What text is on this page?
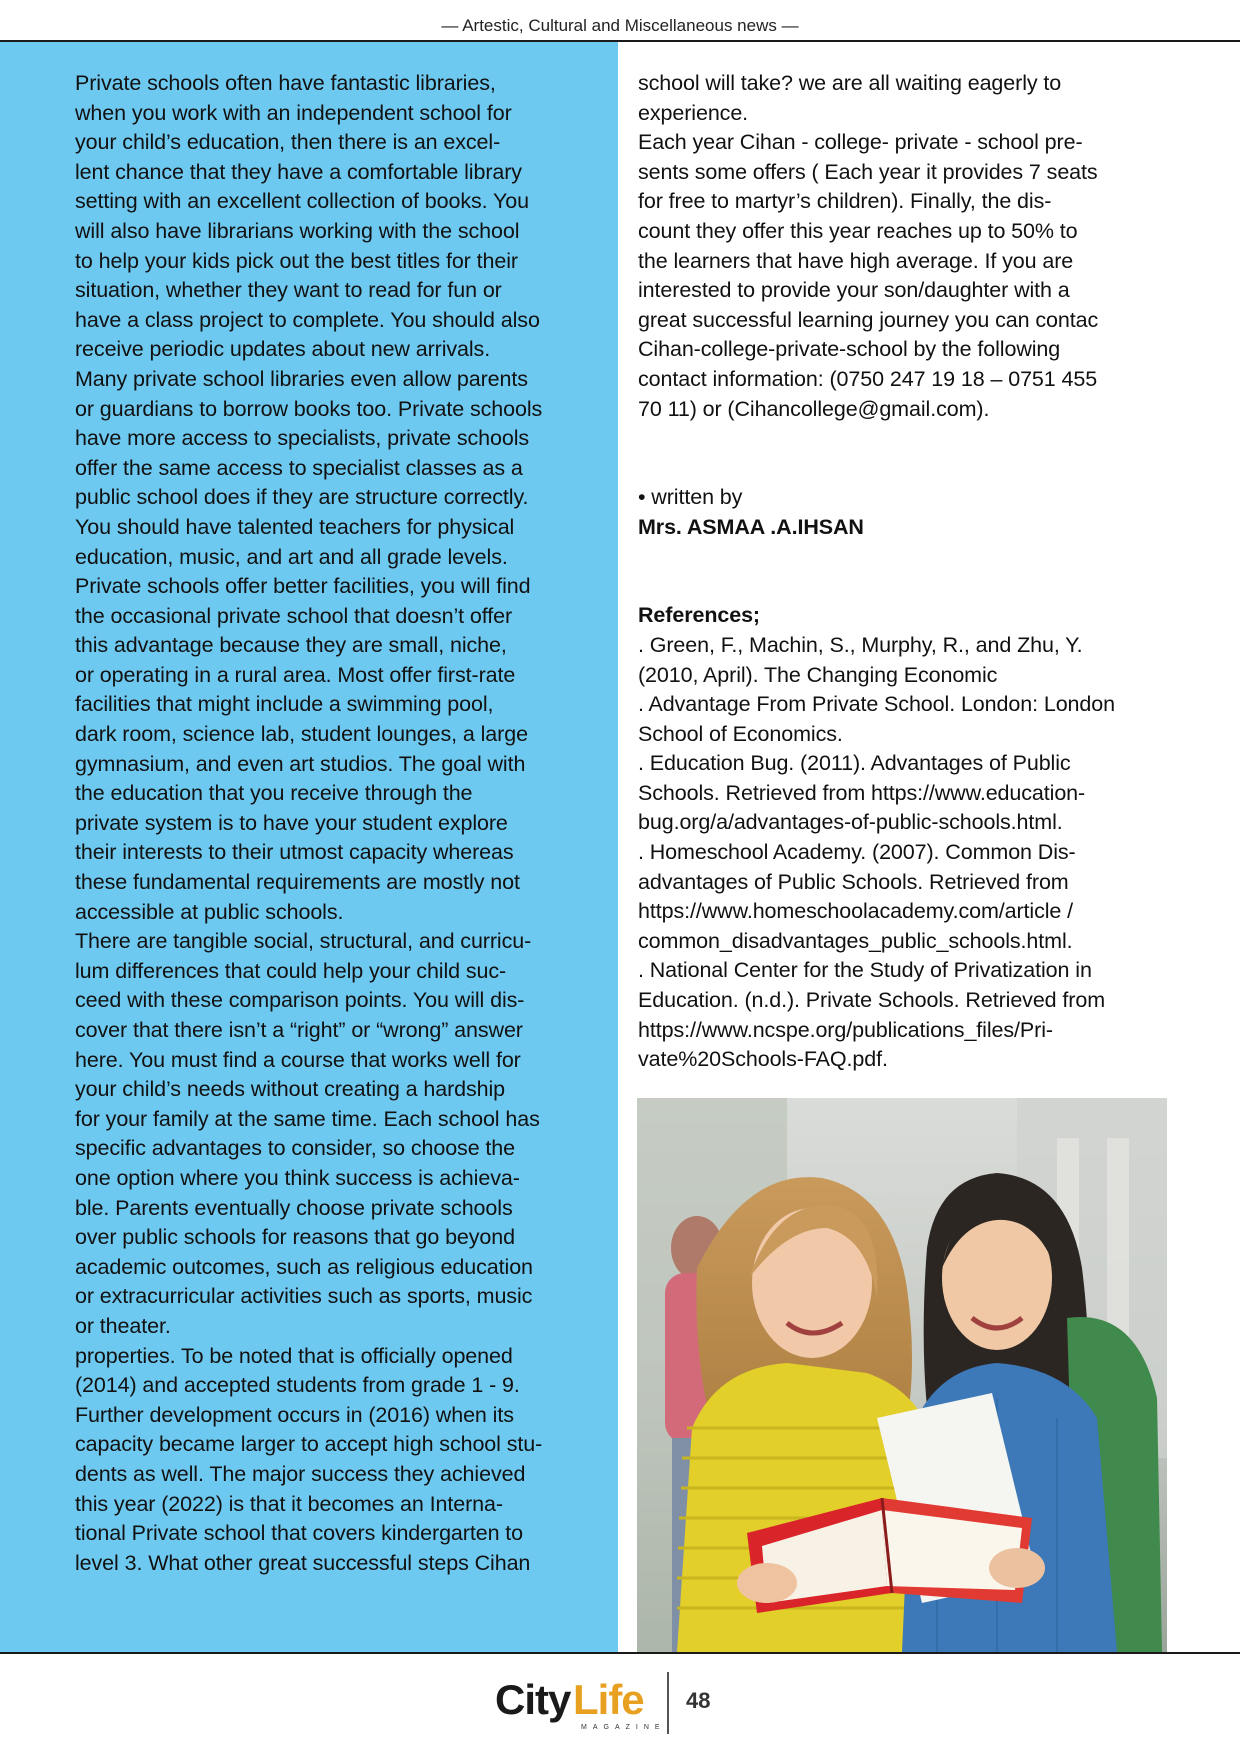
— Artestic, Cultural and Miscellaneous news —
Private schools often have fantastic libraries,
when you work with an independent school for
your child’s education, then there is an excel-
lent chance that they have a comfortable library
setting with an excellent collection of books. You
will also have librarians working with the school
to help your kids pick out the best titles for their
situation, whether they want to read for fun or
have a class project to complete. You should also
receive periodic updates about new arrivals.
Many private school libraries even allow parents
or guardians to borrow books too. Private schools
have more access to specialists, private schools
offer the same access to specialist classes as a
public school does if they are structure correctly.
You should have talented teachers for physical
education, music, and art and all grade levels.
Private schools offer better facilities, you will find
the occasional private school that doesn’t offer
this advantage because they are small, niche,
or operating in a rural area. Most offer first-rate
facilities that might include a swimming pool,
dark room, science lab, student lounges, a large
gymnasium, and even art studios. The goal with
the education that you receive through the
private system is to have your student explore
their interests to their utmost capacity whereas
these fundamental requirements are mostly not
accessible at public schools.
There are tangible social, structural, and curricu-
lum differences that could help your child suc-
ceed with these comparison points. You will dis-
cover that there isn’t a “right” or “wrong” answer
here. You must find a course that works well for
your child’s needs without creating a hardship
for your family at the same time. Each school has
specific advantages to consider, so choose the
one option where you think success is achieva-
ble. Parents eventually choose private schools
over public schools for reasons that go beyond
academic outcomes, such as religious education
or extracurricular activities such as sports, music
or theater.
properties. To be noted that is officially opened
(2014) and accepted students from grade 1 - 9.
Further development occurs in (2016) when its
capacity became larger to accept high school stu-
dents as well. The major success they achieved
this year (2022) is that it becomes an Interna-
tional Private school that covers kindergarten to
level 3. What other great successful steps Cihan
school will take? we are all waiting eagerly to
experience.
Each year Cihan - college- private - school pre-
sents some offers ( Each year it provides 7 seats
for free to martyr’s children). Finally, the dis-
count they offer this year reaches up to 50% to
the learners that have high average. If you are
interested to provide your son/daughter with a
great successful learning journey you can contac
Cihan-college-private-school by the following
contact information: (0750 247 19 18 – 0751 455
70 11) or (Cihancollege@gmail.com).
• written by
Mrs. ASMAA .A.IHSAN
References;
. Green, F., Machin, S., Murphy, R., and Zhu, Y.
(2010, April). The Changing Economic
. Advantage From Private School. London: London
School of Economics.
. Education Bug. (2011). Advantages of Public
Schools. Retrieved from https://www.education-
bug.org/a/advantages-of-public-schools.html.
. Homeschool Academy. (2007). Common Dis-
advantages of Public Schools. Retrieved from
https://www.homeschoolacademy.com/article /
common_disadvantages_public_schools.html.
. National Center for the Study of Privatization in
Education. (n.d.). Private Schools. Retrieved from
https://www.ncspe.org/publications_files/Pri-
vate%20Schools-FAQ.pdf.
City Life
MAGAZINE
48
